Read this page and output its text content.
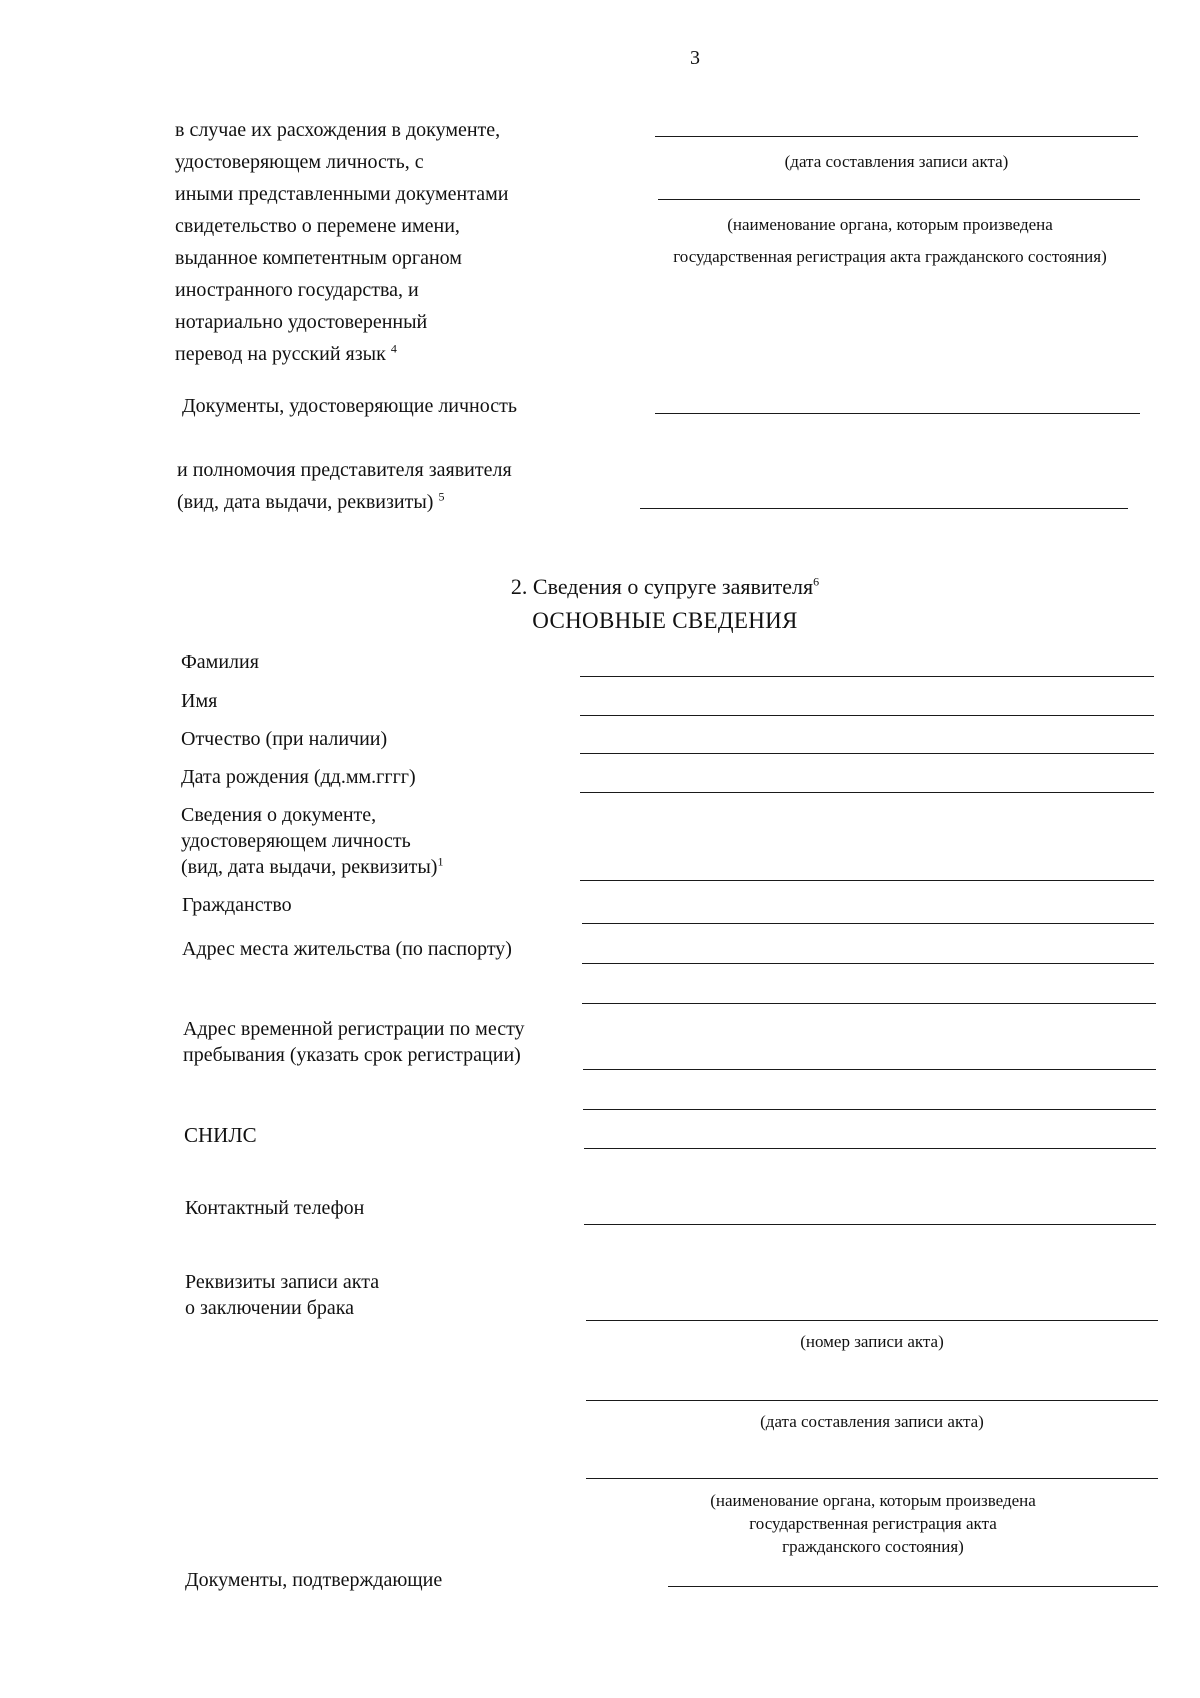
3
в случае их расхождения в документе,
удостоверяющем личность, с
иными представленными документами
свидетельство о перемене имени,
выданное компетентным органом
иностранного государства, и
нотариально удостоверенный
перевод на русский язык $^4$
(дата составления записи акта)
(наименование органа, которым произведена
государственная регистрация акта гражданского состояния)
Документы, удостоверяющие личность
и полномочия представителя заявителя
(вид, дата выдачи, реквизиты) $^5$
2. Сведения о супруге заявителя$^6$
ОСНОВНЫЕ СВЕДЕНИЯ
Фамилия
Имя
Отчество (при наличии)
Дата рождения (дд.мм.гггг)
Сведения о документе,
удостоверяющем личность
(вид, дата выдачи, реквизиты)$^1$
Гражданство
Адрес места жительства (по паспорту)
Адрес временной регистрации по месту
пребывания (указать срок регистрации)
СНИЛС
Контактный телефон
Реквизиты записи акта
о заключении брака
(номер записи акта)
(дата составления записи акта)
(наименование органа, которым произведена
государственная регистрация акта
гражданского состояния)
Документы, подтверждающие
